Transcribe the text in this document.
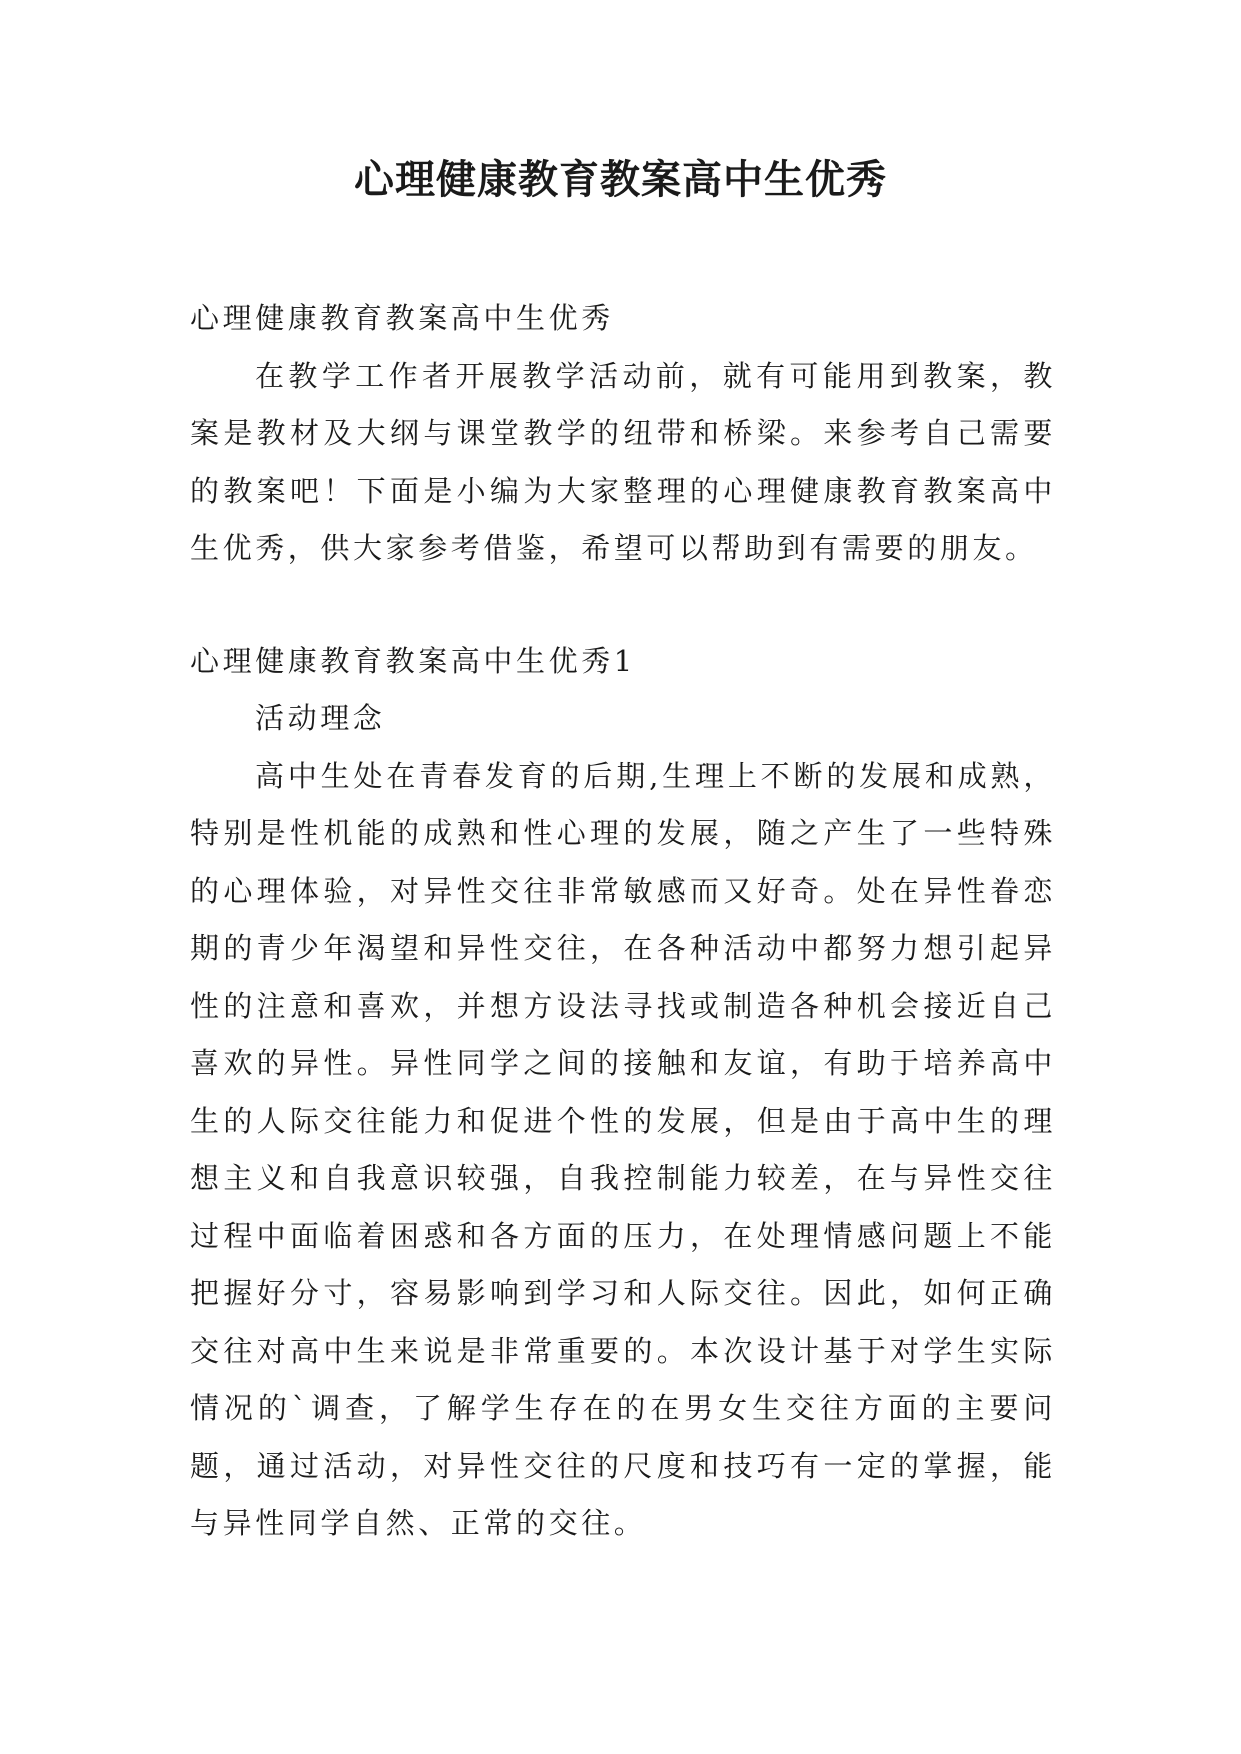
心理健康教育教案高中生优秀

心理健康教育教案高中生优秀

在教学工作者开展教学活动前，就有可能用到教案，教案是教材及大纲与课堂教学的纽带和桥梁。来参考自己需要的教案吧！下面是小编为大家整理的心理健康教育教案高中生优秀，供大家参考借鉴，希望可以帮助到有需要的朋友。

心理健康教育教案高中生优秀1

活动理念

高中生处在青春发育的后期,生理上不断的发展和成熟，特别是性机能的成熟和性心理的发展，随之产生了一些特殊的心理体验，对异性交往非常敏感而又好奇。处在异性眷恋期的青少年渴望和异性交往，在各种活动中都努力想引起异性的注意和喜欢，并想方设法寻找或制造各种机会接近自己喜欢的异性。异性同学之间的接触和友谊，有助于培养高中生的人际交往能力和促进个性的发展，但是由于高中生的理想主义和自我意识较强，自我控制能力较差，在与异性交往过程中面临着困惑和各方面的压力，在处理情感问题上不能把握好分寸，容易影响到学习和人际交往。因此，如何正确交往对高中生来说是非常重要的。本次设计基于对学生实际情况的`调查，了解学生存在的在男女生交往方面的主要问题，通过活动，对异性交往的尺度和技巧有一定的掌握，能与异性同学自然、正常的交往。
